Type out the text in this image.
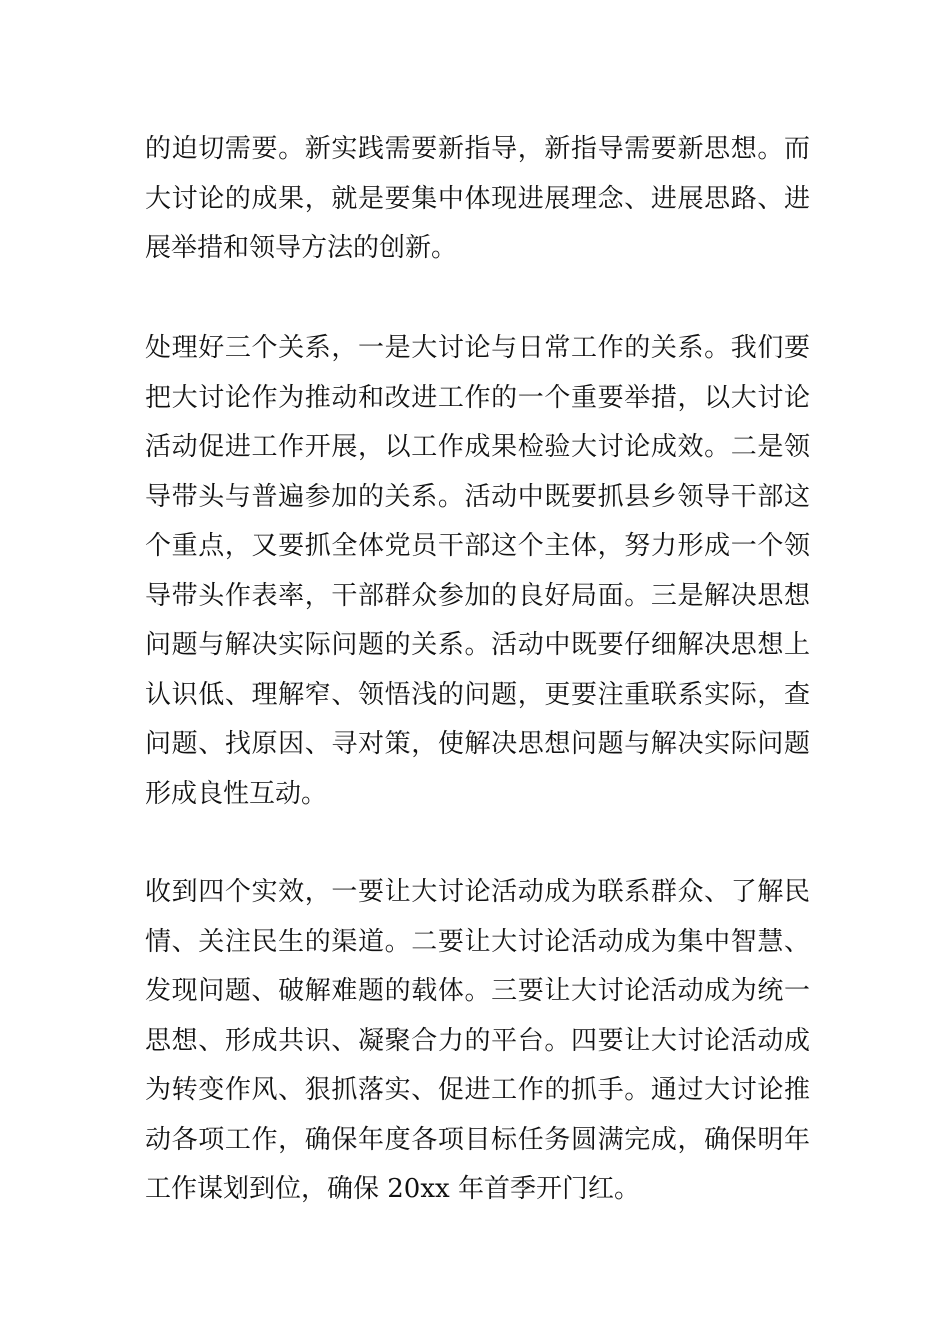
的迫切需要。新实践需要新指导，新指导需要新思想。而
大讨论的成果，就是要集中体现进展理念、进展思路、进
展举措和领导方法的创新。
处理好三个关系，一是大讨论与日常工作的关系。我们要
把大讨论作为推动和改进工作的一个重要举措，以大讨论
活动促进工作开展，以工作成果检验大讨论成效。二是领
导带头与普遍参加的关系。活动中既要抓县乡领导干部这
个重点，又要抓全体党员干部这个主体，努力形成一个领
导带头作表率，干部群众参加的良好局面。三是解决思想
问题与解决实际问题的关系。活动中既要仔细解决思想上
认识低、理解窄、领悟浅的问题，更要注重联系实际，查
问题、找原因、寻对策，使解决思想问题与解决实际问题
形成良性互动。
收到四个实效，一要让大讨论活动成为联系群众、了解民
情、关注民生的渠道。二要让大讨论活动成为集中智慧、
发现问题、破解难题的载体。三要让大讨论活动成为统一
思想、形成共识、凝聚合力的平台。四要让大讨论活动成
为转变作风、狠抓落实、促进工作的抓手。通过大讨论推
动各项工作，确保年度各项目标任务圆满完成，确保明年
工作谋划到位，确保 20xx 年首季开门红。
